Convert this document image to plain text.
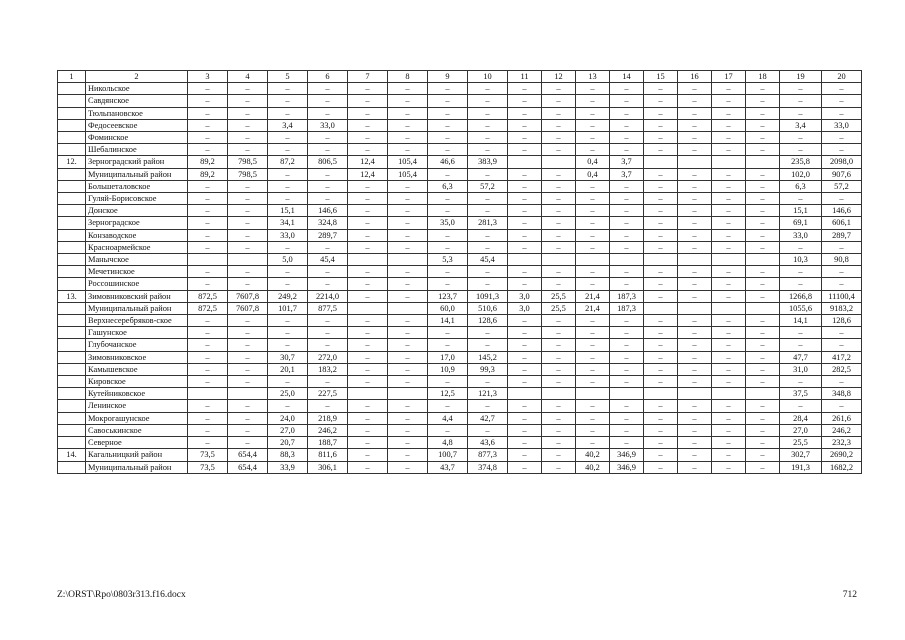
1	2	3	4	5	6	7	8	9	10	11	12	13	14	15	16	17	18	19	20
	Никольское	–	–	–	–	–	–	–	–	–	–	–	–	–	–	–	–	–	–
	Савдянское	–	–	–	–	–	–	–	–	–	–	–	–	–	–	–	–	–	–
	Тюльпановское	–	–	–	–	–	–	–	–	–	–	–	–	–	–	–	–	–	–
	Федосеевское	–	–	3,4	33,0	–	–	–	–	–	–	–	–	–	–	–	–	3,4	33,0
	Фоминское	–	–	–	–	–	–	–	–	–	–	–	–	–	–	–	–	–	–
	Шебалинское	–	–	–	–	–	–	–	–	–	–	–	–	–	–	–	–	–	–
12.	Зерноградский район	89,2	798,5	87,2	806,5	12,4	105,4	46,6	383,9			0,4	3,7					235,8	2098,0
	Муниципальный район	89,2	798,5	–	–	12,4	105,4	–	–	–	–	0,4	3,7	–	–	–	–	102,0	907,6
	Большеталовское	–	–	–	–	–	–	6,3	57,2	–	–	–	–	–	–	–	–	6,3	57,2
	Гуляй-Борисовское	–	–	–	–	–	–	–	–	–	–	–	–	–	–	–	–	–	–
	Донское	–	–	15,1	146,6	–	–	–	–	–	–	–	–	–	–	–	–	15,1	146,6
	Зерноградское	–	–	34,1	324,8	–	–	35,0	281,3	–	–	–	–	–	–	–	–	69,1	606,1
	Конзаводское	–	–	33,0	289,7	–	–	–	–	–	–	–	–	–	–	–	–	33,0	289,7
	Красноармейское	–	–	–	–	–	–	–	–	–	–	–	–	–	–	–	–	–	–
	Манычское			5,0	45,4			5,3	45,4									10,3	90,8
	Мечетинское	–	–	–	–	–	–	–	–	–	–	–	–	–	–	–	–	–	–
	Россошинское	–	–	–	–	–	–	–	–	–	–	–	–	–	–	–	–	–	–
13.	Зимовниковский район	872,5	7607,8	249,2	2214,0	–	–	123,7	1091,3	3,0	25,5	21,4	187,3	–	–	–	–	1266,8	11100,4
	Муниципальный район	872,5	7607,8	101,7	877,5			60,0	510,6	3,0	25,5	21,4	187,3					1055,6	9183,2
	Верхнесеребряков-ское	–	–	–	–	–	–	14,1	128,6	–	–	–	–	–	–	–	–	14,1	128,6
	Гашунское	–	–	–	–	–	–	–	–	–	–	–	–	–	–	–	–	–	–
	Глубочанское	–	–	–	–	–	–	–	–	–	–	–	–	–	–	–	–	–	–
	Зимовниковское	–	–	30,7	272,0	–	–	17,0	145,2	–	–	–	–	–	–	–	–	47,7	417,2
	Камышевское	–	–	20,1	183,2	–	–	10,9	99,3	–	–	–	–	–	–	–	–	31,0	282,5
	Кировское	–	–	–	–	–	–	–	–	–	–	–	–	–	–	–	–	–	–
	Кутейниковское			25,0	227,5			12,5	121,3									37,5	348,8
	Ленинское	–	–	–	–	–	–	–	–	–	–	–	–	–	–	–	–	–	–
	Мокрогашунское	–	–	24,0	218,9	–	–	4,4	42,7	–	–	–	–	–	–	–	–	28,4	261,6
	Савоськинское	–	–	27,0	246,2	–	–	–	–	–	–	–	–	–	–	–	–	27,0	246,2
	Северное	–	–	20,7	188,7	–	–	4,8	43,6	–	–	–	–	–	–	–	–	25,5	232,3
14.	Кагальницкий район	73,5	654,4	88,3	811,6	–	–	100,7	877,3	–	–	40,2	346,9	–	–	–	–	302,7	2690,2
	Муниципальный район	73,5	654,4	33,9	306,1	–	–	43,7	374,8	–	–	40,2	346,9	–	–	–	–	191,3	1682,2
Z:\ORST\Rpo\0803r313.f16.docx	712
